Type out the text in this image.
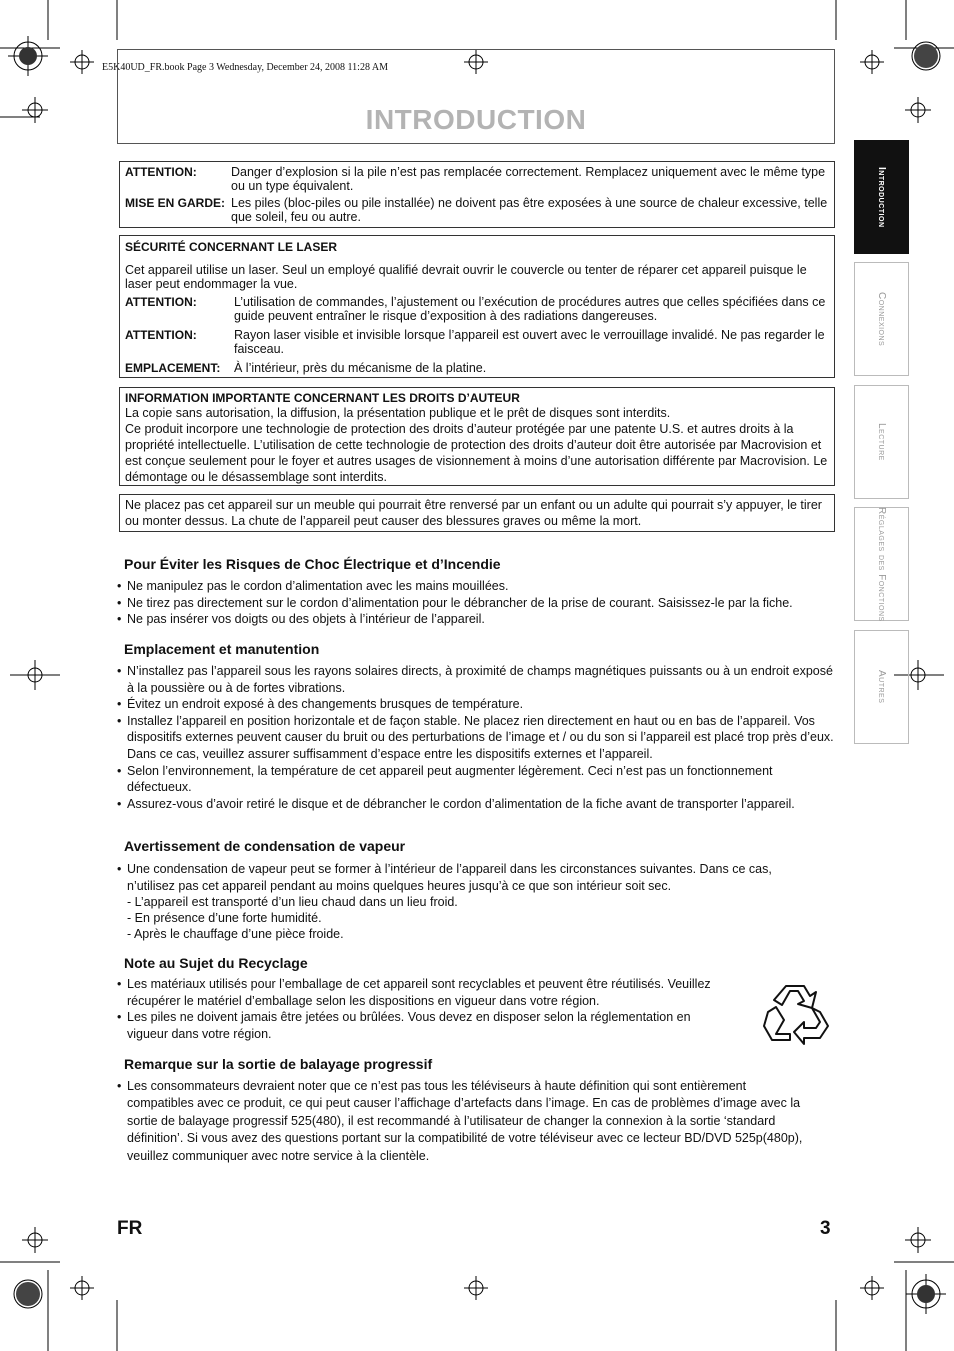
E5K40UD_FR.book Page 3 Wednesday, December 24, 2008 11:28 AM
INTRODUCTION
Introduction
Connexions
Lecture
Réglages des Fonctions
Autres
ATTENTION:	Danger d’explosion si la pile n’est pas remplacée correctement. Remplacez uniquement avec le même type ou un type équivalent.
MISE EN GARDE: Les piles (bloc-piles ou pile installée) ne doivent pas être exposées à une source de chaleur excessive, telle que soleil, feu ou autre.
SÉCURITÉ CONCERNANT LE LASER
Cet appareil utilise un laser. Seul un employé qualifié devrait ouvrir le couvercle ou tenter de réparer cet appareil puisque le laser peut endommager la vue.
ATTENTION:	L’utilisation de commandes, l’ajustement ou l’exécution de procédures autres que celles spécifiées dans ce guide peuvent entraîner le risque d’exposition à des radiations dangereuses.
ATTENTION:	Rayon laser visible et invisible lorsque l’appareil est ouvert avec le verrouillage invalidé. Ne pas regarder le faisceau.
EMPLACEMENT:	À l’intérieur, près du mécanisme de la platine.
INFORMATION IMPORTANTE CONCERNANT LES DROITS D’AUTEUR
La copie sans autorisation, la diffusion, la présentation publique et le prêt de disques sont interdits.
Ce produit incorpore une technologie de protection des droits d’auteur protégée par une patente U.S. et autres droits à la propriété intellectuelle. L’utilisation de cette technologie de protection des droits d’auteur doit être autorisée par Macrovision et est conçue seulement pour le foyer et autres usages de visionnement à moins d’une autorisation différente par Macrovision. Le démontage ou le désassemblage sont interdits.
Ne placez pas cet appareil sur un meuble qui pourrait être renversé par un enfant ou un adulte qui pourrait s’y appuyer, le tirer ou monter dessus. La chute de l’appareil peut causer des blessures graves ou même la mort.
Pour Éviter les Risques de Choc Électrique et d’Incendie
• Ne manipulez pas le cordon d’alimentation avec les mains mouillées.
• Ne tirez pas directement sur le cordon d’alimentation pour le débrancher de la prise de courant. Saisissez-le par la fiche.
• Ne pas insérer vos doigts ou des objets à l’intérieur de l’appareil.
Emplacement et manutention
• N’installez pas l’appareil sous les rayons solaires directs, à proximité de champs magnétiques puissants ou à un endroit exposé à la poussière ou à de fortes vibrations.
• Évitez un endroit exposé à des changements brusques de température.
• Installez l’appareil en position horizontale et de façon stable. Ne placez rien directement en haut ou en bas de l’appareil. Vos dispositifs externes peuvent causer du bruit ou des perturbations de l’image et / ou du son si l’appareil est placé trop près d’eux. Dans ce cas, veuillez assurer suffisamment d’espace entre les dispositifs externes et l’appareil.
• Selon l’environnement, la température de cet appareil peut augmenter légèrement. Ceci n’est pas un fonctionnement défectueux.
• Assurez-vous d’avoir retiré le disque et de débrancher le cordon d’alimentation de la fiche avant de transporter l’appareil.
Avertissement de condensation de vapeur
• Une condensation de vapeur peut se former à l’intérieur de l’appareil dans les circonstances suivantes. Dans ce cas, n’utilisez pas cet appareil pendant au moins quelques heures jusqu’à ce que son intérieur soit sec.
- L’appareil est transporté d’un lieu chaud dans un lieu froid.
- En présence d’une forte humidité.
- Après le chauffage d’une pièce froide.
Note au Sujet du Recyclage
• Les matériaux utilisés pour l’emballage de cet appareil sont recyclables et peuvent être réutilisés. Veuillez récupérer le matériel d’emballage selon les dispositions en vigueur dans votre région.
• Les piles ne doivent jamais être jetées ou brûlées. Vous devez en disposer selon la réglementation en vigueur dans votre région.
Remarque sur la sortie de balayage progressif
• Les consommateurs devraient noter que ce n’est pas tous les téléviseurs à haute définition qui sont entièrement compatibles avec ce produit, ce qui peut causer l’affichage d’artefacts dans l’image. En cas de problèmes d’image avec la sortie de balayage progressif 525(480), il est recommandé à l’utilisateur de changer la connexion à la sortie ‘standard définition’. Si vous avez des questions portant sur la compatibilité de votre téléviseur avec ce lecteur BD/DVD 525p(480p), veuillez communiquer avec notre service à la clientèle.
FR	3
